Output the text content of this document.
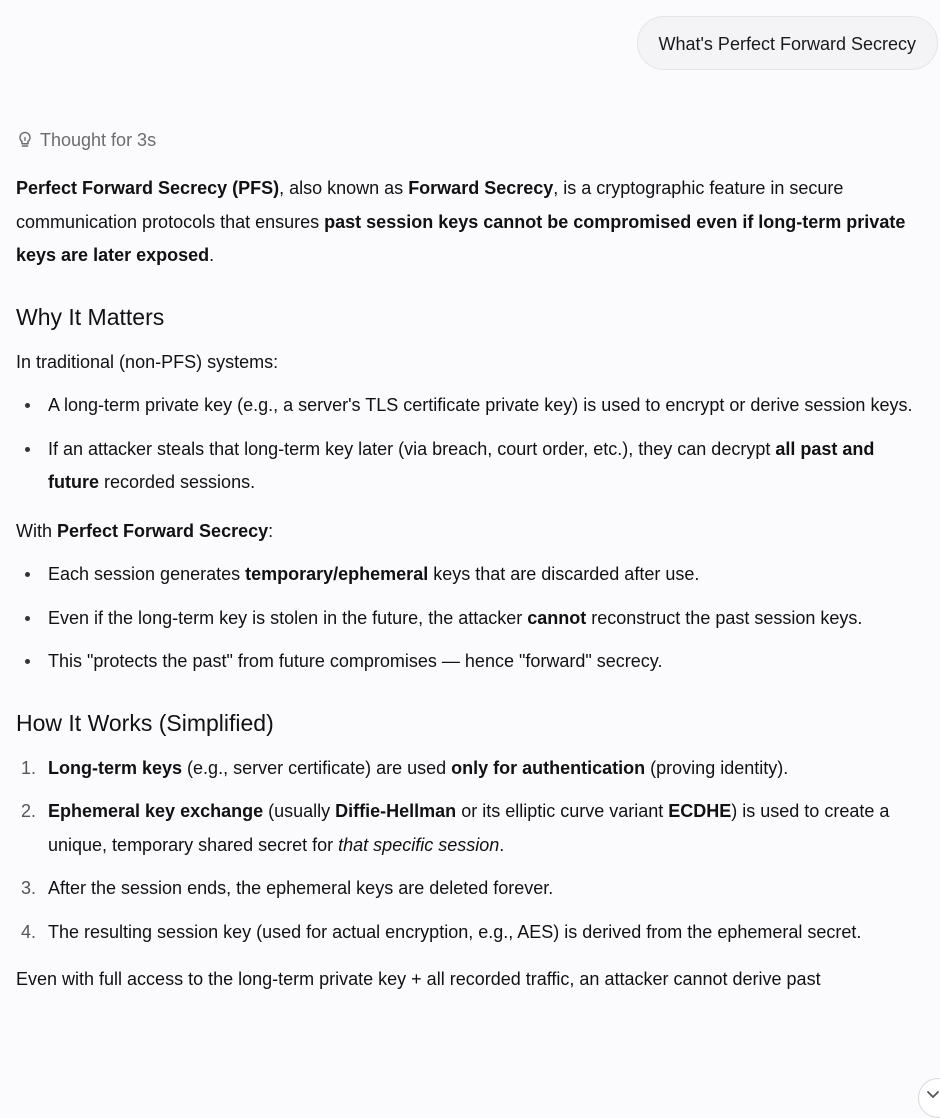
What's Perfect Forward Secrecy
Thought for 3s

Perfect Forward Secrecy (PFS), also known as Forward Secrecy, is a cryptographic feature in secure communication protocols that ensures past session keys cannot be compromised even if long-term private keys are later exposed.

Why It Matters

In traditional (non-PFS) systems:

A long-term private key (e.g., a server's TLS certificate private key) is used to encrypt or derive session keys.
If an attacker steals that long-term key later (via breach, court order, etc.), they can decrypt all past and future recorded sessions.

With Perfect Forward Secrecy:

Each session generates temporary/ephemeral keys that are discarded after use.
Even if the long-term key is stolen in the future, the attacker cannot reconstruct the past session keys.
This "protects the past" from future compromises — hence "forward" secrecy.
How It Works (Simplified)
1. Long-term keys (e.g., server certificate) are used only for authentication (proving identity).
2. Ephemeral key exchange (usually Diffie-Hellman or its elliptic curve variant ECDHE) is used to create a unique, temporary shared secret for that specific session.
3. After the session ends, the ephemeral keys are deleted forever.
4. The resulting session key (used for actual encryption, e.g., AES) is derived from the ephemeral secret.

Even with full access to the long-term private key + all recorded traffic, an attacker cannot derive past
